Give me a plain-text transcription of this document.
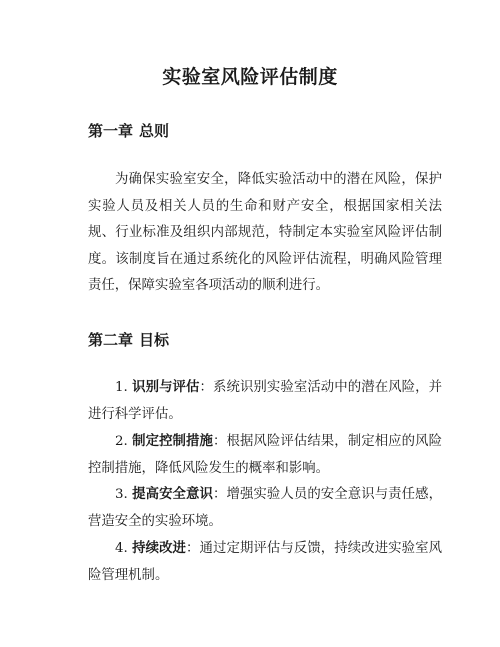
实验室风险评估制度
第一章 总则

为确保实验室安全，降低实验活动中的潜在风险，保护实验人员及相关人员的生命和财产安全，根据国家相关法规、行业标准及组织内部规范，特制定本实验室风险评估制度。该制度旨在通过系统化的风险评估流程，明确风险管理责任，保障实验室各项活动的顺利进行。

第二章 目标

1. 识别与评估：系统识别实验室活动中的潜在风险，并进行科学评估。

2. 制定控制措施：根据风险评估结果，制定相应的风险控制措施，降低风险发生的概率和影响。

3. 提高安全意识：增强实验人员的安全意识与责任感，营造安全的实验环境。

4. 持续改进：通过定期评估与反馈，持续改进实验室风险管理机制。
